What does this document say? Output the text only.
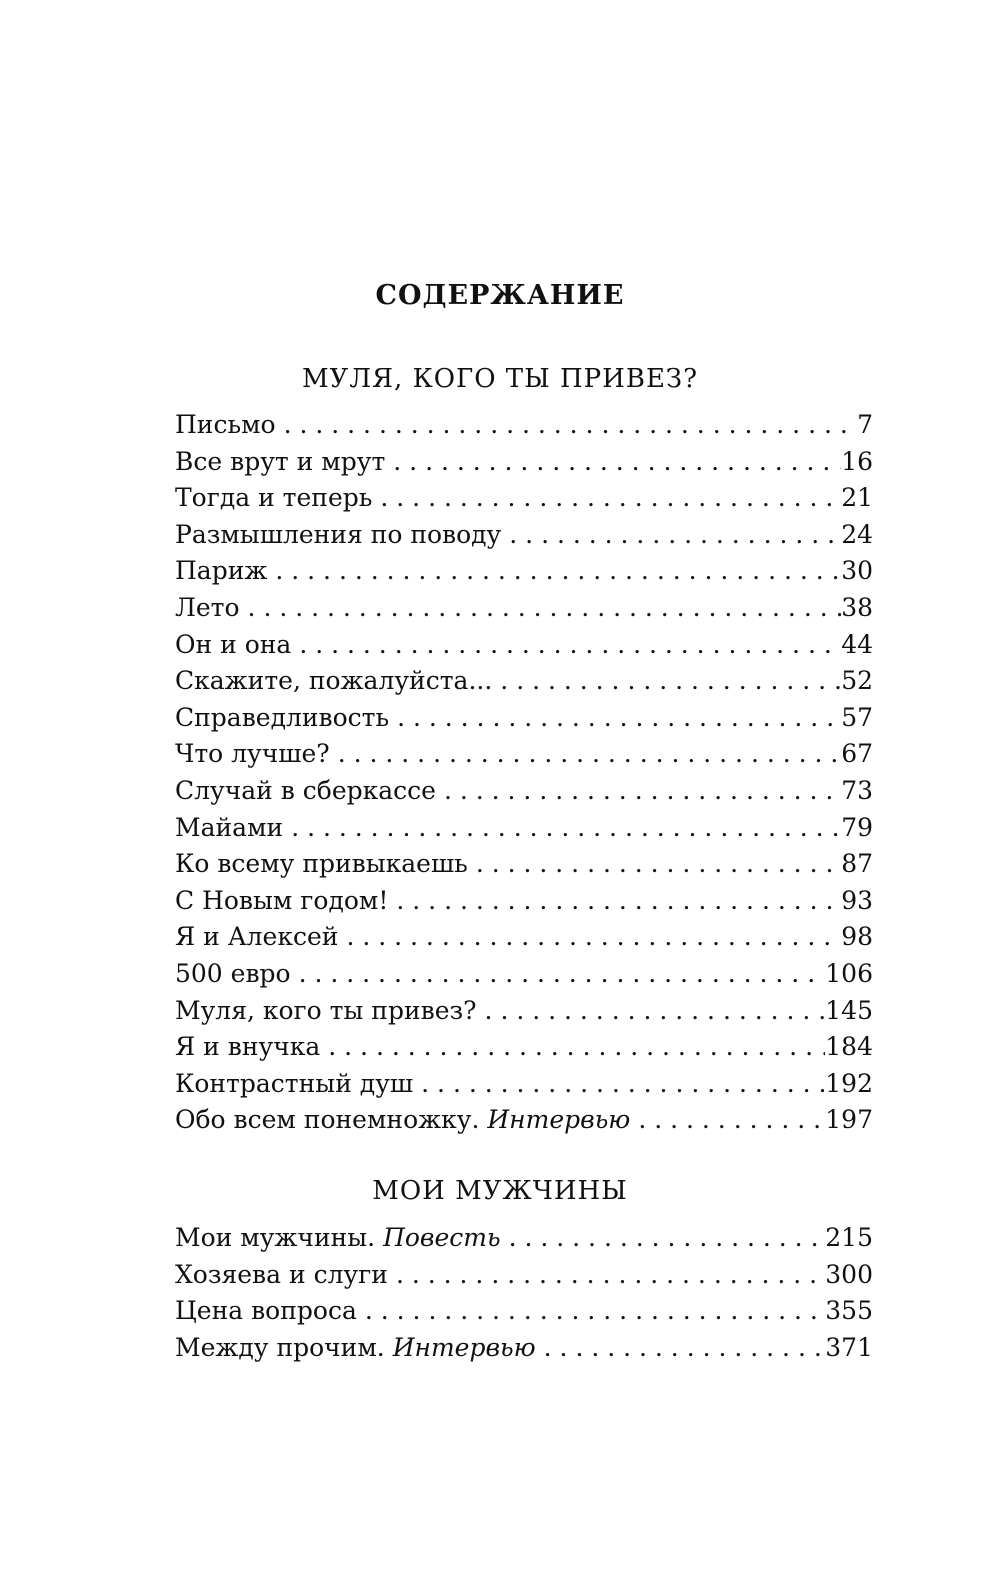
СОДЕРЖАНИЕ
МУЛЯ, КОГО ТЫ ПРИВЕЗ?
Письмо . . .	7
Все врут и мрут . . .	16
Тогда и теперь . . .	21
Размышления по поводу . . .	24
Париж . . .	30
Лето . . .	38
Он и она . . .	44
Скажите, пожалуйста... . . .	52
Справедливость . . .	57
Что лучше? . . .	67
Случай в сберкассе . . .	73
Майами . . .	79
Ко всему привыкаешь . . .	87
С Новым годом! . . .	93
Я и Алексей . . .	98
500 евро . . .	106
Муля, кого ты привез? . . .	145
Я и внучка . . .	184
Контрастный душ . . .	192
Обо всем понемножку. Интервью . . .	197
МОИ МУЖЧИНЫ
Мои мужчины. Повесть . . .	215
Хозяева и слуги . . .	300
Цена вопроса . . .	355
Между прочим. Интервью . . .	371
